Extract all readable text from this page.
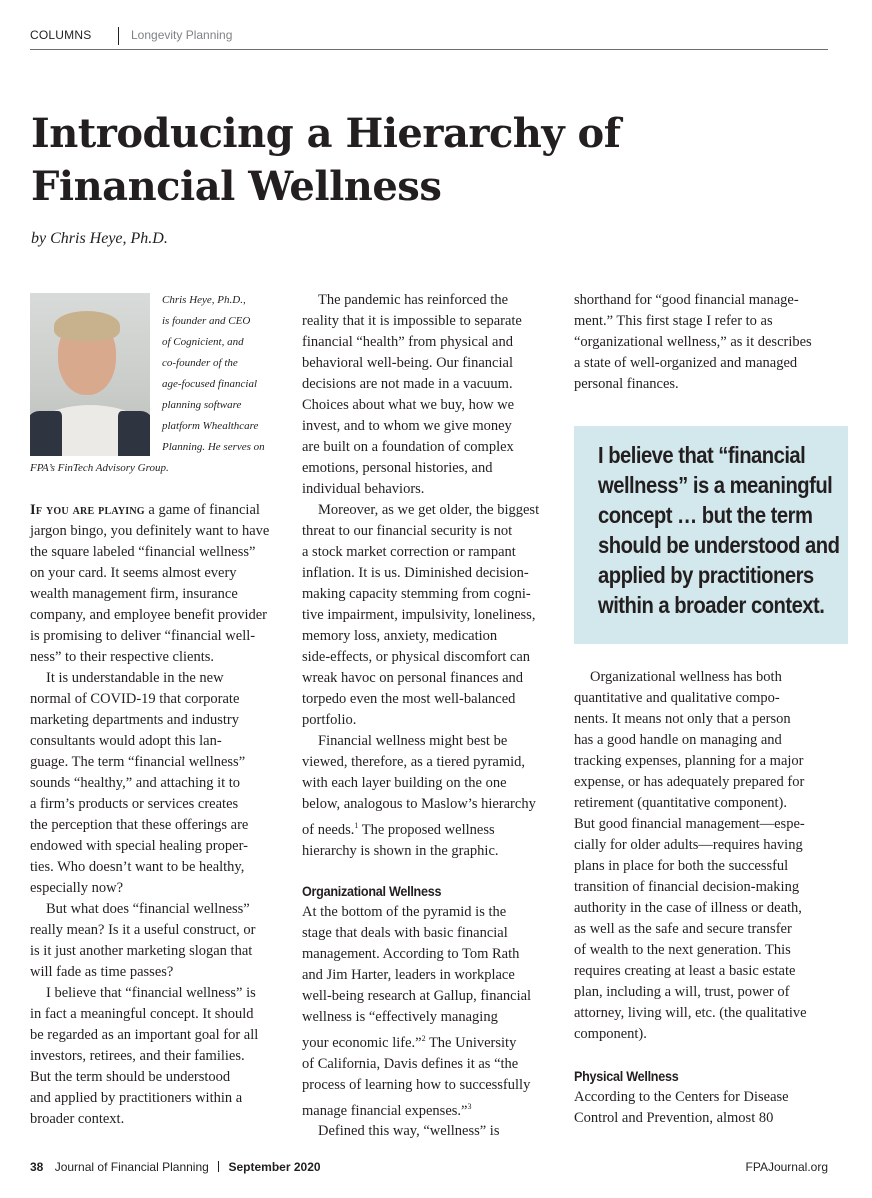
COLUMNS	Longevity Planning
Introducing a Hierarchy of
Financial Wellness
by Chris Heye, Ph.D.
Chris Heye, Ph.D.,
is founder and CEO
of Cognicient, and
co-founder of the
age-focused financial
planning software
platform Whealthcare
Planning. He serves on
FPA’s FinTech Advisory Group.

If you are playing a game of financial
jargon bingo, you definitely want to have
the square labeled “financial wellness”
on your card. It seems almost every
wealth management firm, insurance
company, and employee benefit provider
is promising to deliver “financial well-
ness” to their respective clients.

It is understandable in the new
normal of COVID-19 that corporate
marketing departments and industry
consultants would adopt this lan-
guage. The term “financial wellness”
sounds “healthy,” and attaching it to
a firm’s products or services creates
the perception that these offerings are
endowed with special healing proper-
ties. Who doesn’t want to be healthy,
especially now?

But what does “financial wellness”
really mean? Is it a useful construct, or
is it just another marketing slogan that
will fade as time passes?

I believe that “financial wellness” is
in fact a meaningful concept. It should
be regarded as an important goal for all
investors, retirees, and their families.
But the term should be understood
and applied by practitioners within a
broader context.

The pandemic has reinforced the
reality that it is impossible to separate
financial “health” from physical and
behavioral well-being. Our financial
decisions are not made in a vacuum.
Choices about what we buy, how we
invest, and to whom we give money
are built on a foundation of complex
emotions, personal histories, and
individual behaviors.

Moreover, as we get older, the biggest
threat to our financial security is not
a stock market correction or rampant
inflation. It is us. Diminished decision-
making capacity stemming from cogni-
tive impairment, impulsivity, loneliness,
memory loss, anxiety, medication
side-effects, or physical discomfort can
wreak havoc on personal finances and
torpedo even the most well-balanced
portfolio.

Financial wellness might best be
viewed, therefore, as a tiered pyramid,
with each layer building on the one
below, analogous to Maslow’s hierarchy
of needs.$^1$ The proposed wellness
hierarchy is shown in the graphic.

Organizational Wellness

At the bottom of the pyramid is the
stage that deals with basic financial
management. According to Tom Rath
and Jim Harter, leaders in workplace
well-being research at Gallup, financial
wellness is “effectively managing
your economic life.”$^2$ The University
of California, Davis defines it as “the
process of learning how to successfully
manage financial expenses.”$^3$

Defined this way, “wellness” is

shorthand for “good financial manage-
ment.” This first stage I refer to as
“organizational wellness,” as it describes
a state of well-organized and managed
personal finances.

I believe that “financial

wellness” is a meaningful

concept … but the term

should be understood and

applied by practitioners

within a broader context.

Organizational wellness has both
quantitative and qualitative compo-
nents. It means not only that a person
has a good handle on managing and
tracking expenses, planning for a major
expense, or has adequately prepared for
retirement (quantitative component).
But good financial management—espe-
cially for older adults—requires having
plans in place for both the successful
transition of financial decision-making
authority in the case of illness or death,
as well as the safe and secure transfer
of wealth to the next generation. This
requires creating at least a basic estate
plan, including a will, trust, power of
attorney, living will, etc. (the qualitative
component).

Physical Wellness

According to the Centers for Disease
Control and Prevention, almost 80

38 Journal of Financial Planning September 2020	FPAJournal.org
